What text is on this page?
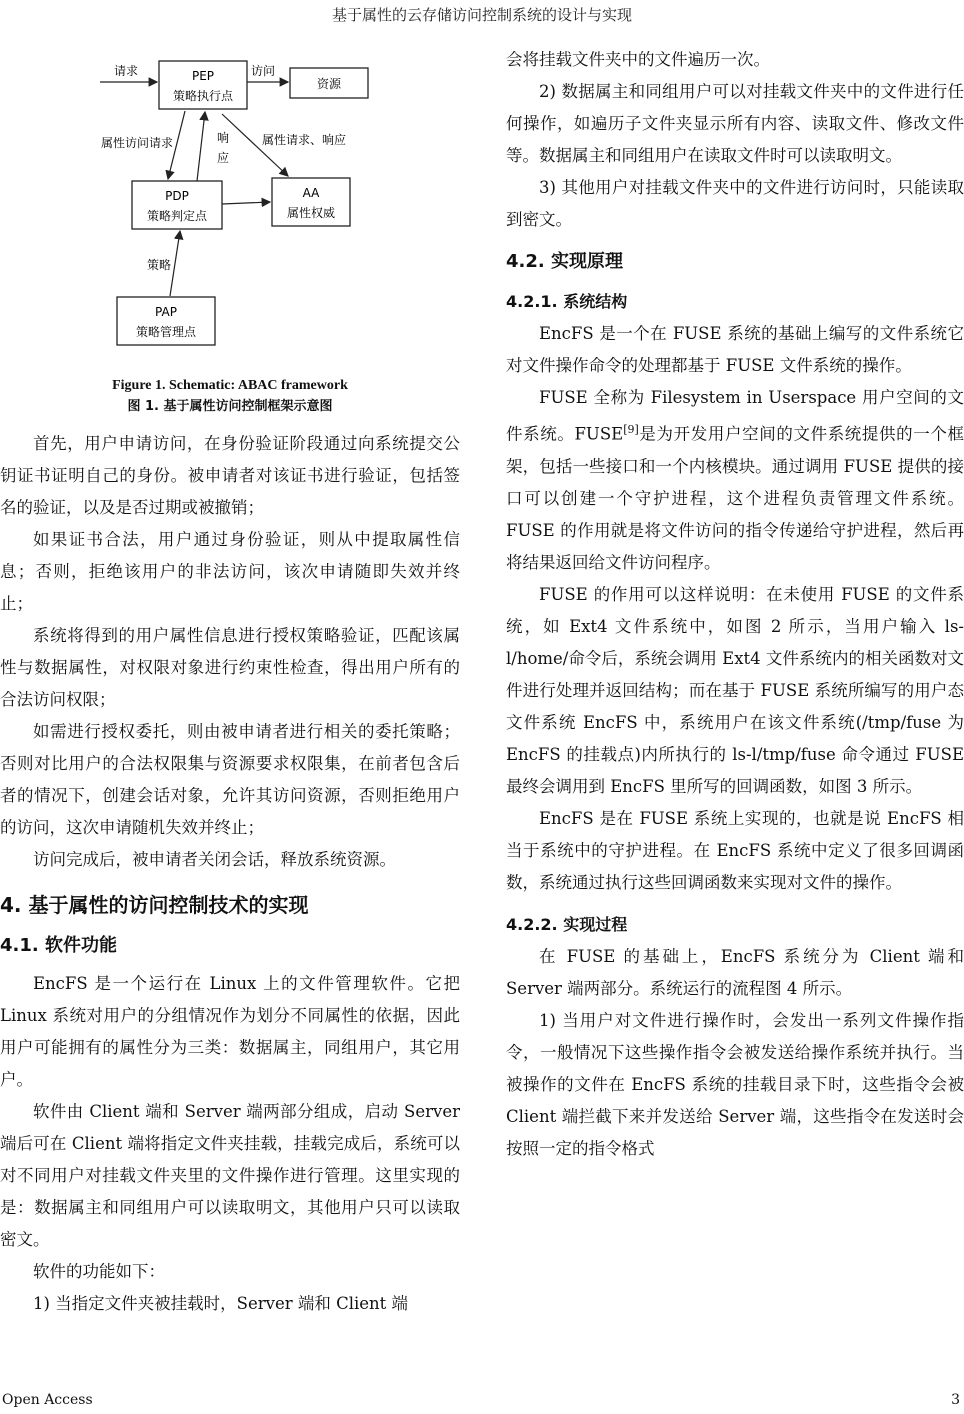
基于属性的云存储访问控制系统的设计与实现
PEP
策略执行点
资源
PDP
策略判定点
AA
属性权威
PAP
策略管理点
请求	访问
属性访问请求	响
应
属性请求、响应
策略
Figure 1. Schematic: ABAC framework
图 1. 基于属性访问控制框架示意图

首先，用户申请访问，在身份验证阶段通过向系统提交公钥证书证明自己的身份。被申请者对该证书进行验证，包括签名的验证，以及是否过期或被撤销；

如果证书合法，用户通过身份验证，则从中提取属性信息；否则，拒绝该用户的非法访问，该次申请随即失效并终止；

系统将得到的用户属性信息进行授权策略验证，匹配该属性与数据属性，对权限对象进行约束性检查，得出用户所有的合法访问权限；

如需进行授权委托，则由被申请者进行相关的委托策略；否则对比用户的合法权限集与资源要求权限集，在前者包含后者的情况下，创建会话对象，允许其访问资源，否则拒绝用户的访问，这次申请随机失效并终止；

访问完成后，被申请者关闭会话，释放系统资源。

4. 基于属性的访问控制技术的实现
4.1. 软件功能

EncFS 是一个运行在 Linux 上的文件管理软件。它把 Linux 系统对用户的分组情况作为划分不同属性的依据，因此用户可能拥有的属性分为三类：数据属主，同组用户，其它用户。

软件由 Client 端和 Server 端两部分组成，启动 Server 端后可在 Client 端将指定文件夹挂载，挂载完成后，系统可以对不同用户对挂载文件夹里的文件操作进行管理。这里实现的是：数据属主和同组用户可以读取明文，其他用户只可以读取密文。

软件的功能如下：

1) 当指定文件夹被挂载时，Server 端和 Client 端

会将挂载文件夹中的文件遍历一次。

2) 数据属主和同组用户可以对挂载文件夹中的文件进行任何操作，如遍历子文件夹显示所有内容、读取文件、修改文件等。数据属主和同组用户在读取文件时可以读取明文。

3) 其他用户对挂载文件夹中的文件进行访问时，只能读取到密文。

4.2. 实现原理
4.2.1. 系统结构

EncFS 是一个在 FUSE 系统的基础上编写的文件系统它对文件操作命令的处理都基于 FUSE 文件系统的操作。

FUSE 全称为 Filesystem in Userspace 用户空间的文件系统。FUSE[9]是为开发用户空间的文件系统提供的一个框架，包括一些接口和一个内核模块。通过调用 FUSE 提供的接口可以创建一个守护进程，这个进程负责管理文件系统。FUSE 的作用就是将文件访问的指令传递给守护进程，然后再将结果返回给文件访问程序。

FUSE 的作用可以这样说明：在未使用 FUSE 的文件系统，如 Ext4 文件系统中，如图 2 所示，当用户输入 ls-l/home/命令后，系统会调用 Ext4 文件系统内的相关函数对文件进行处理并返回结构；而在基于 FUSE 系统所编写的用户态文件系统 EncFS 中，系统用户在该文件系统(/tmp/fuse 为 EncFS 的挂载点)内所执行的 ls-l/tmp/fuse 命令通过 FUSE 最终会调用到 EncFS 里所写的回调函数，如图 3 所示。

EncFS 是在 FUSE 系统上实现的，也就是说 EncFS 相当于系统中的守护进程。在 EncFS 系统中定义了很多回调函数，系统通过执行这些回调函数来实现对文件的操作。

4.2.2. 实现过程

在 FUSE 的基础上，EncFS 系统分为 Client 端和 Server 端两部分。系统运行的流程图 4 所示。

1) 当用户对文件进行操作时，会发出一系列文件操作指令，一般情况下这些操作指令会被发送给操作系统并执行。当被操作的文件在 EncFS 系统的挂载目录下时，这些指令会被 Client 端拦截下来并发送给 Server 端，这些指令在发送时会按照一定的指令格式

Open Access	3
